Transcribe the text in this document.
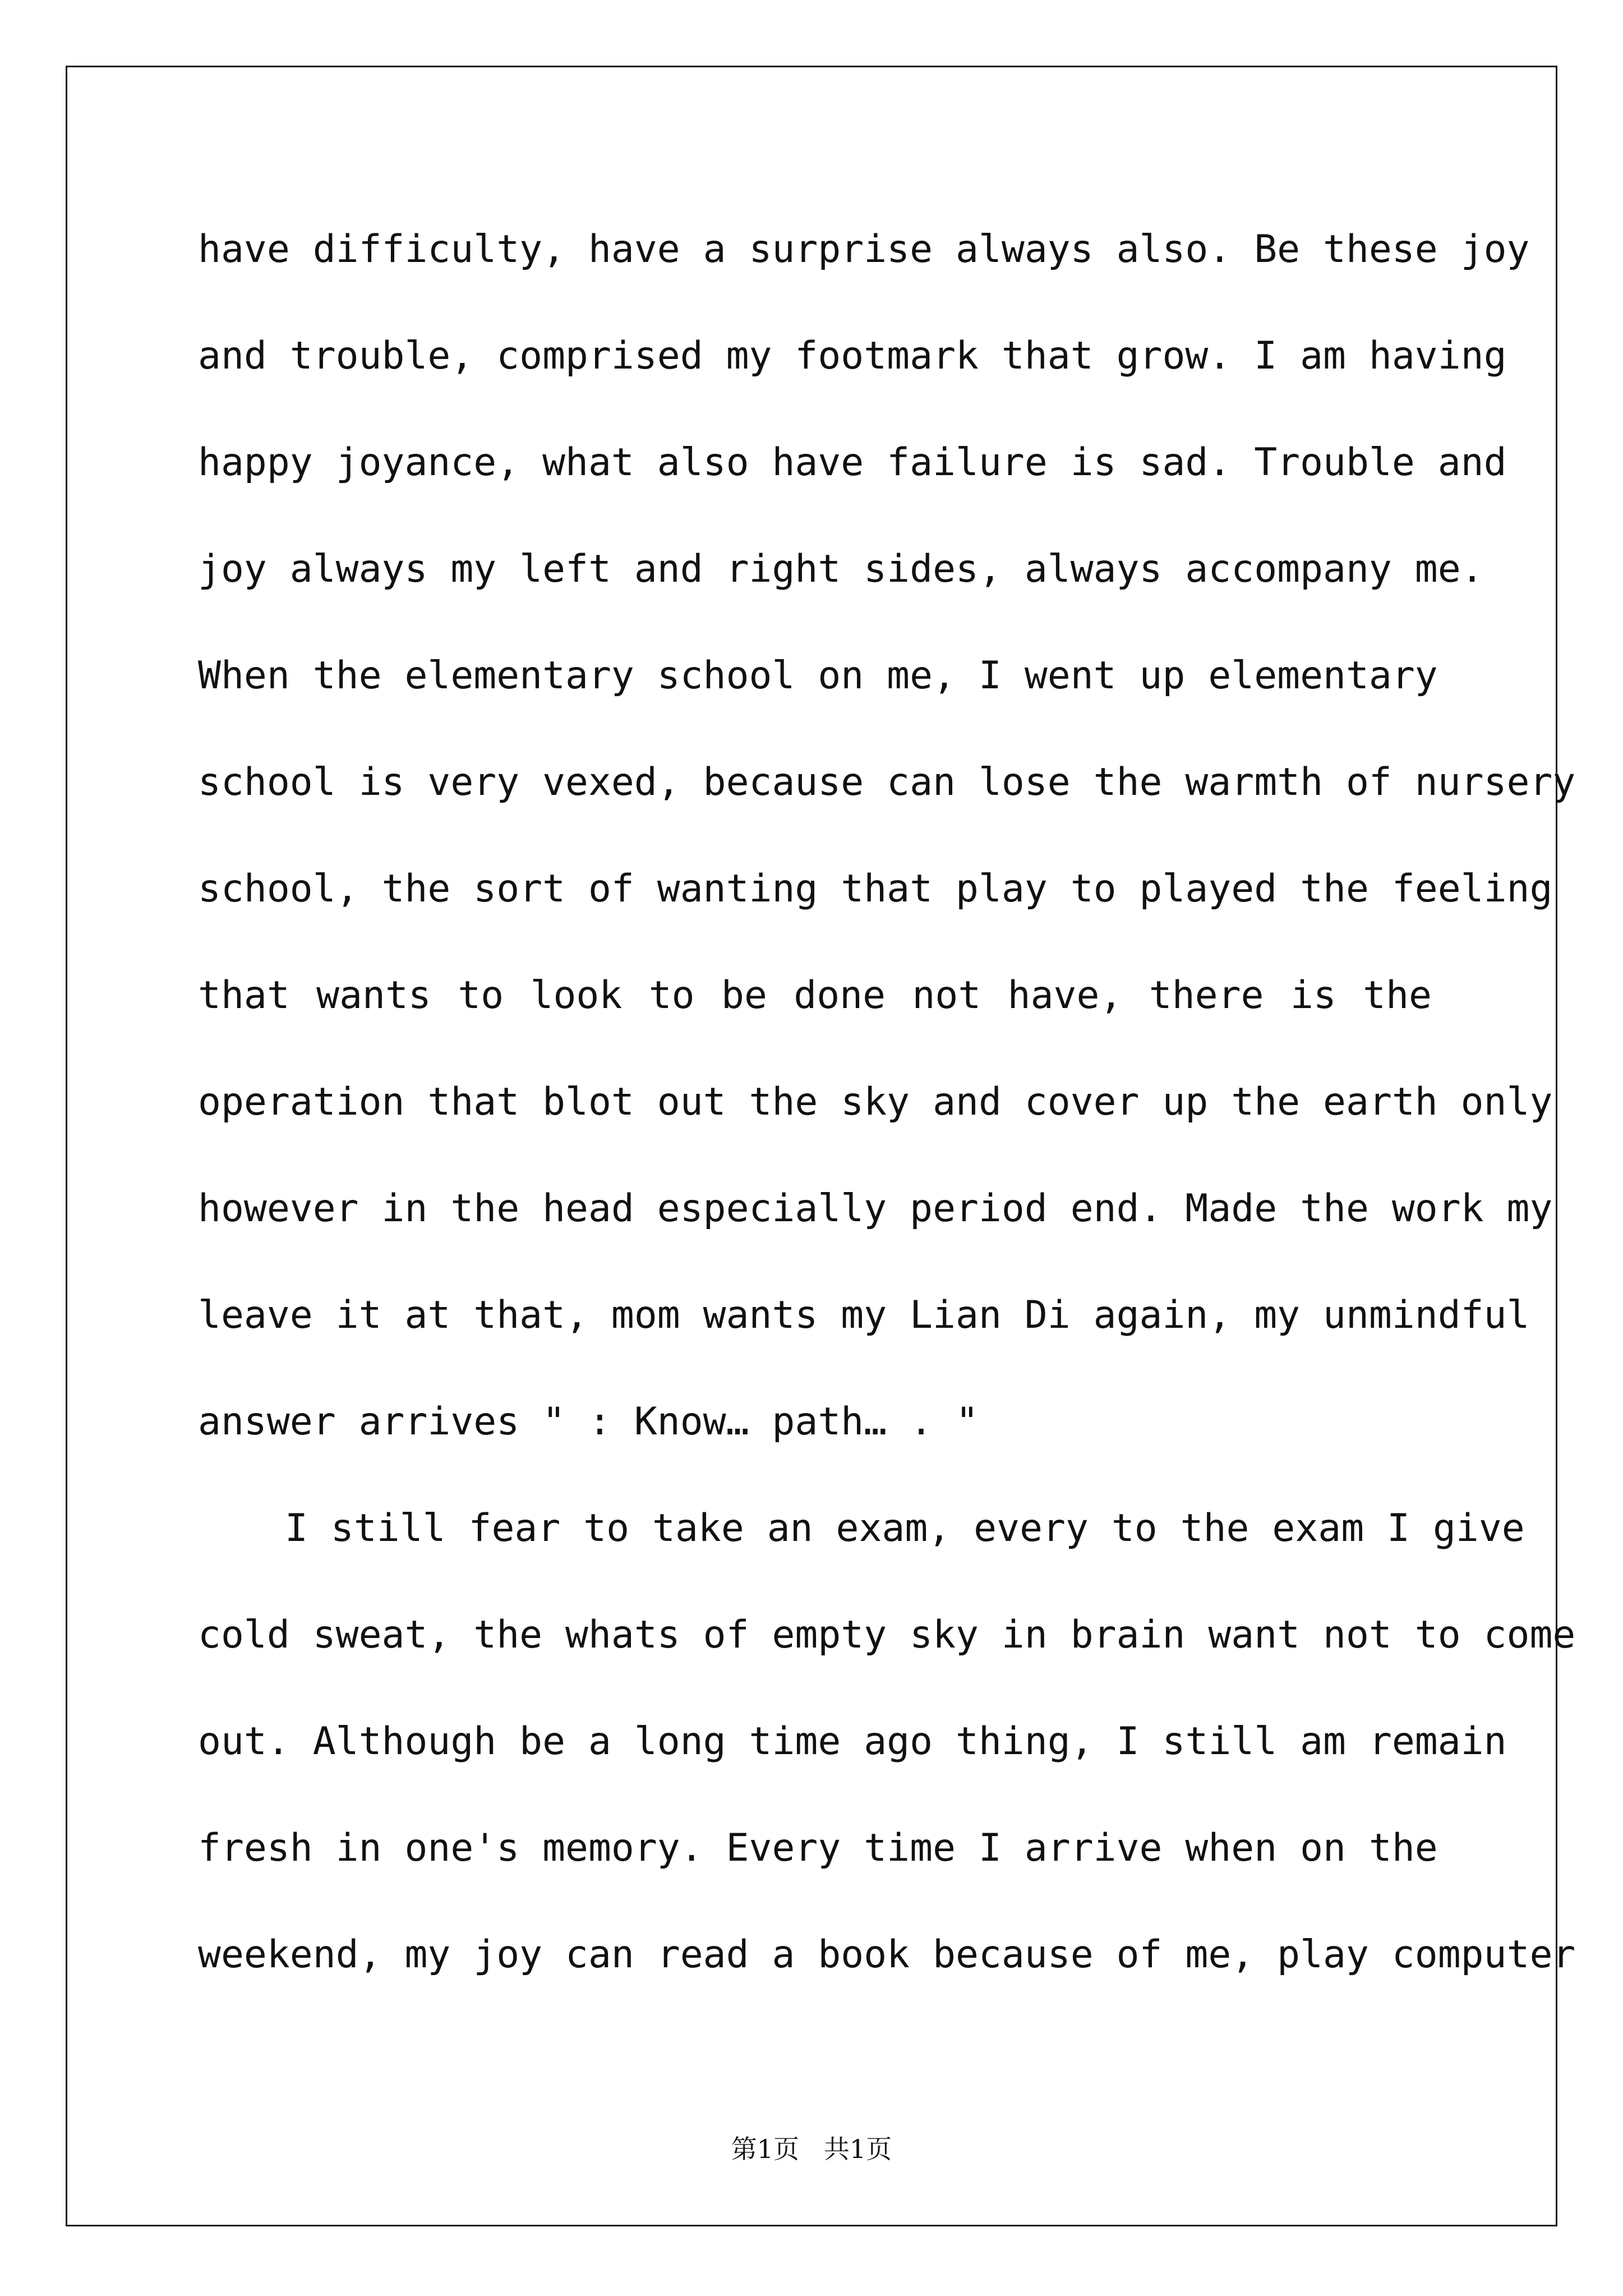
have difficulty, have a surprise always also. Be these joy
and trouble, comprised my footmark that grow. I am having
happy joyance, what also have failure is sad. Trouble and
joy always my left and right sides, always accompany me.
When the elementary school on me, I went up elementary
school is very vexed, because can lose the warmth of nursery
school, the sort of wanting that play to played the feeling
that wants to look to be done not have, there is the
operation that blot out the sky and cover up the earth only
however in the head especially period end. Made the work my
leave it at that, mom wants my Lian Di again, my unmindful
answer arrives " : Know… path… . "
I still fear to take an exam, every to the exam I give
cold sweat, the whats of empty sky in brain want not to come
out. Although be a long time ago thing, I still am remain
fresh in one's memory. Every time I arrive when on the
weekend, my joy can read a book because of me, play computer
第1页   共1页
